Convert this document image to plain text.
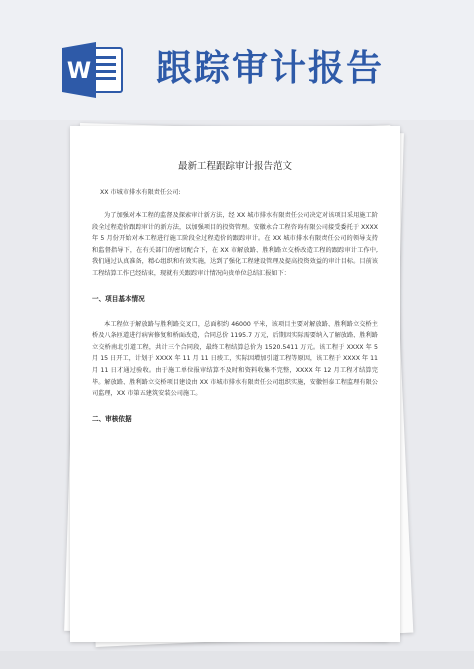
W 跟踪审计报告
最新工程跟踪审计报告范文
XX 市城市排水有限责任公司:

为了加强对本工程的监督及探索审计新方法，经 XX 城市排水有限责任公司决定对该项目采用施工阶段全过程造价跟踪审计的新方法，以加强项目的投资管理。安徽永合工程咨询有限公司接受委托于 XXXX 年 5 月份开始对本工程进行施工阶段全过程造价的跟踪审计。在 XX 城市排水有限责任公司的领导支持和监督指导下，在有关部门的密切配合下，在 XX 市解放路、胜利路立交桥改造工程的跟踪审计工作中,我们通过认真准备，精心组织和有效实施，达到了强化工程建设管理及提高投资效益的审计目标。目前该工程结算工作已经结束，现就有关跟踪审计情况向贵单位总结汇报如下：

一、项目基本情况

本工程位于解放路与胜利路交叉口，总面积约 46000 平米，该项目主要对解放路、胜利路立交桥主桥及八条匝道进行病害修复和桥面改造，合同总价 1195.7 万元，后期因实际需要纳入了解放路、胜利路立交桥南北引道工程，共计三个合同段，最终工程结算总价为 1520.5411 万元。该工程于 XXXX 年 5 月 15 日开工，计划于 XXXX 年 11 月 11 日竣工，实际因增加引道工程等原因，该工程于 XXXX 年 11 月 11 日才通过验收。由于施工单位报审结算不及时和资料收集不完整，XXXX 年 12 月工程才结算完毕。解放路、胜利路立交桥项目建设由 XX 市城市排水有限责任公司组织实施，安徽恒泰工程监理有限公司监理，XX 市第五建筑安装公司施工。

二、审核依据
